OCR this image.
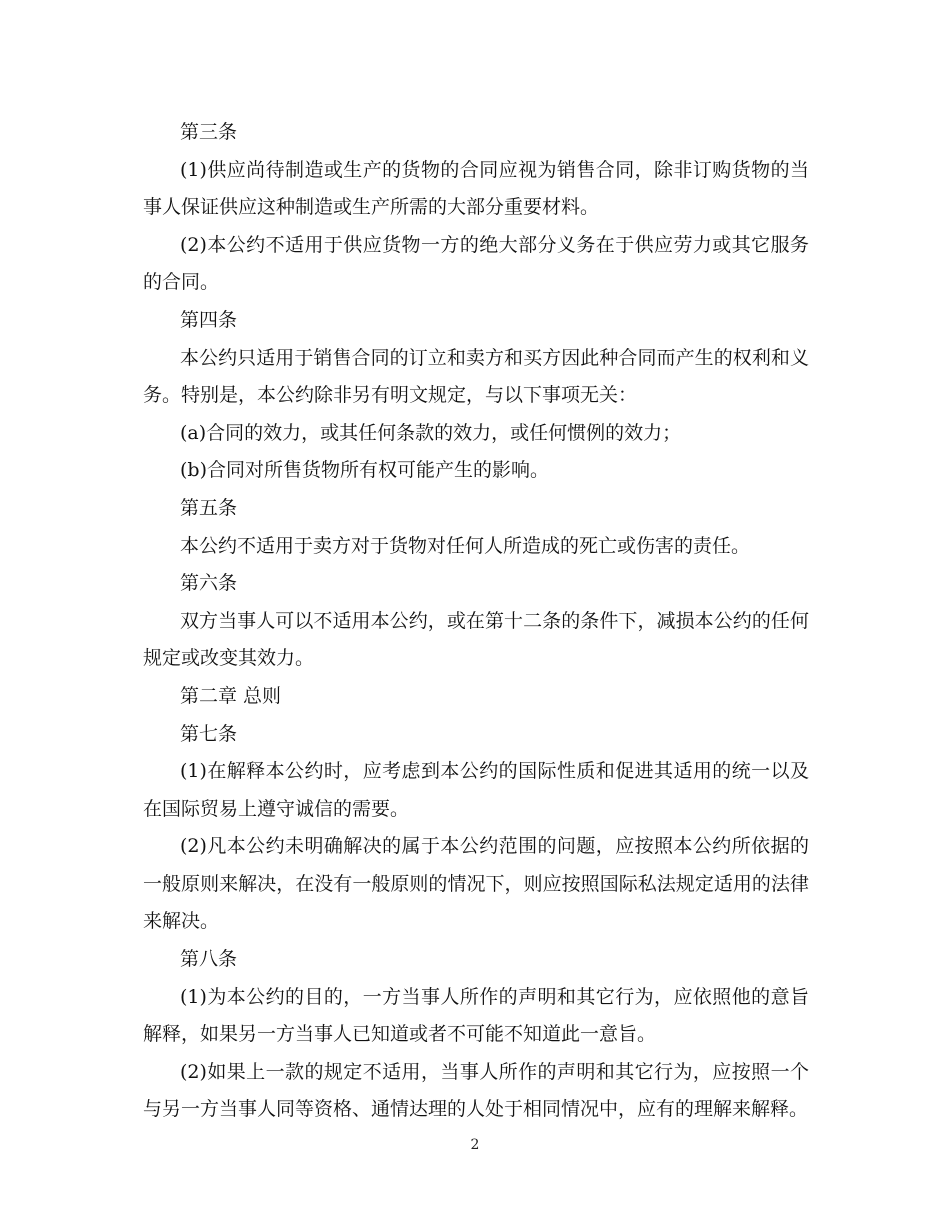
第三条

(1)供应尚待制造或生产的货物的合同应视为销售合同，除非订购货物的当事人保证供应这种制造或生产所需的大部分重要材料。

(2)本公约不适用于供应货物一方的绝大部分义务在于供应劳力或其它服务的合同。

第四条

本公约只适用于销售合同的订立和卖方和买方因此种合同而产生的权利和义务。特别是，本公约除非另有明文规定，与以下事项无关：

(a)合同的效力，或其任何条款的效力，或任何惯例的效力；

(b)合同对所售货物所有权可能产生的影响。

第五条

本公约不适用于卖方对于货物对任何人所造成的死亡或伤害的责任。

第六条

双方当事人可以不适用本公约，或在第十二条的条件下，减损本公约的任何规定或改变其效力。

第二章 总则

第七条

(1)在解释本公约时，应考虑到本公约的国际性质和促进其适用的统一以及在国际贸易上遵守诚信的需要。

(2)凡本公约未明确解决的属于本公约范围的问题，应按照本公约所依据的一般原则来解决，在没有一般原则的情况下，则应按照国际私法规定适用的法律来解决。

第八条

(1)为本公约的目的，一方当事人所作的声明和其它行为，应依照他的意旨解释，如果另一方当事人已知道或者不可能不知道此一意旨。

(2)如果上一款的规定不适用，当事人所作的声明和其它行为，应按照一个与另一方当事人同等资格、通情达理的人处于相同情况中，应有的理解来解释。

2
